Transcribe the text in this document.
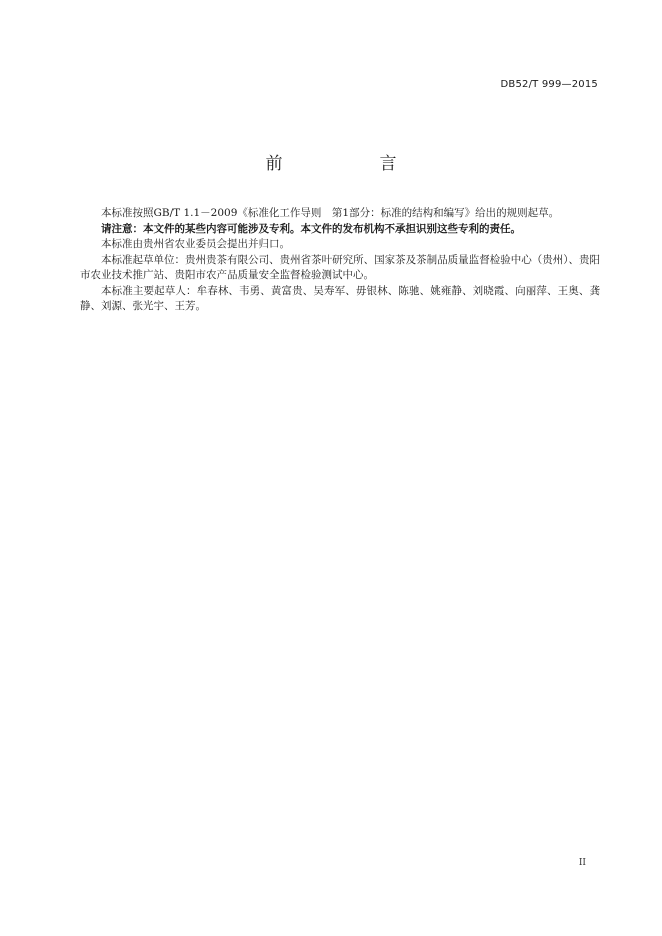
DB52/T 999—2015
前　言

本标准按照GB/T 1.1－2009《标准化工作导则　第1部分：标准的结构和编写》给出的规则起草。

请注意：本文件的某些内容可能涉及专利。本文件的发布机构不承担识别这些专利的责任。

本标准由贵州省农业委员会提出并归口。

本标准起草单位：贵州贵茶有限公司、贵州省茶叶研究所、国家茶及茶制品质量监督检验中心（贵州）、贵阳市农业技术推广站、贵阳市农产品质量安全监督检验测试中心。

本标准主要起草人：牟春林、韦勇、黄富贵、吴寿军、毋银林、陈驰、姚雍静、刘晓霞、向丽萍、王奥、龚静、刘源、张光宇、王芳。

II
